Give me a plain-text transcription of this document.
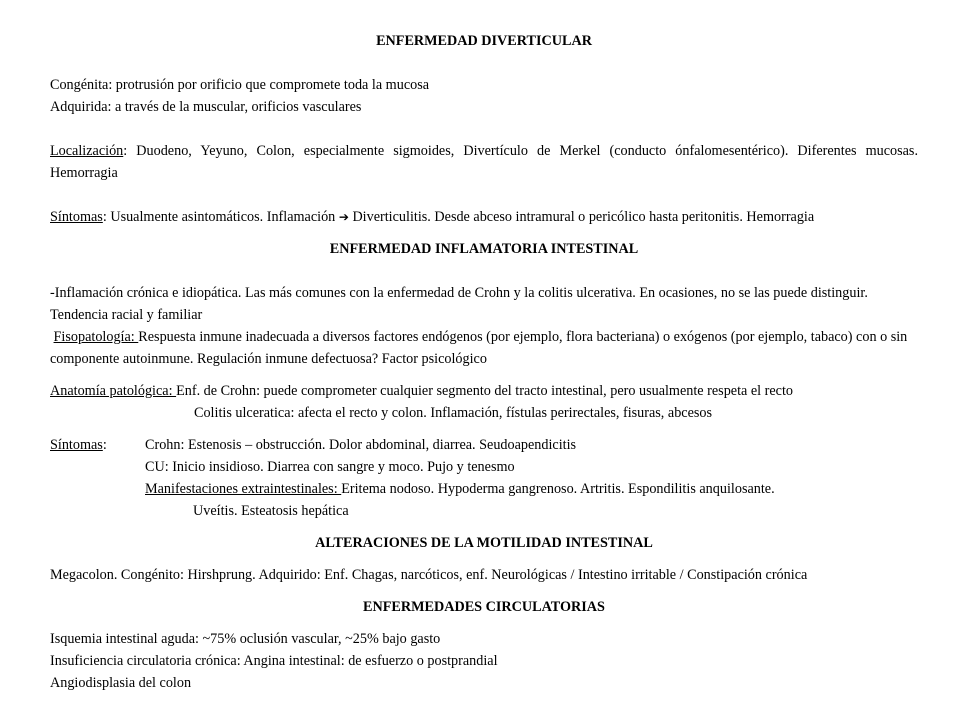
ENFERMEDAD DIVERTICULAR

Congénita: protrusión por orificio que compromete toda la mucosa

Adquirida: a través de la muscular, orificios vasculares

Localización: Duodeno, Yeyuno, Colon, especialmente sigmoides, Divertículo de Merkel (conducto ónfalomesentérico). Diferentes mucosas. Hemorragia

Síntomas: Usualmente asintomáticos. Inflamación ➔ Diverticulitis. Desde abceso intramural o pericólico hasta peritonitis. Hemorragia

ENFERMEDAD INFLAMATORIA INTESTINAL

-Inflamación crónica e idiopática. Las más comunes con la enfermedad de Crohn y la colitis ulcerativa. En ocasiones, no se las puede distinguir. Tendencia racial y familiar

Fisopatología: Respuesta inmune inadecuada a diversos factores endógenos (por ejemplo, flora bacteriana) o exógenos (por ejemplo, tabaco) con o sin componente autoinmune. Regulación inmune defectuosa? Factor psicológico

Anatomía patológica: Enf. de Crohn: puede comprometer cualquier segmento del tracto intestinal, pero usualmente respeta el recto

Colitis ulceratica: afecta el recto y colon. Inflamación, fístulas perirectales, fisuras, abcesos

Síntomas:	Crohn: Estenosis – obstrucción. Dolor abdominal, diarrea. Seudoapendicitis

CU: Inicio insidioso. Diarrea con sangre y moco. Pujo y tenesmo

Manifestaciones extraintestinales: Eritema nodoso. Hypoderma gangrenoso. Artritis. Espondilitis anquilosante.

Uveítis. Esteatosis hepática

ALTERACIONES DE LA MOTILIDAD INTESTINAL

Megacolon. Congénito: Hirshprung. Adquirido: Enf. Chagas, narcóticos, enf. Neurológicas / Intestino irritable / Constipación crónica

ENFERMEDADES CIRCULATORIAS

Isquemia intestinal aguda: ~75% oclusión vascular, ~25% bajo gasto

Insuficiencia circulatoria crónica: Angina intestinal: de esfuerzo o postprandial

Angiodisplasia del colon
